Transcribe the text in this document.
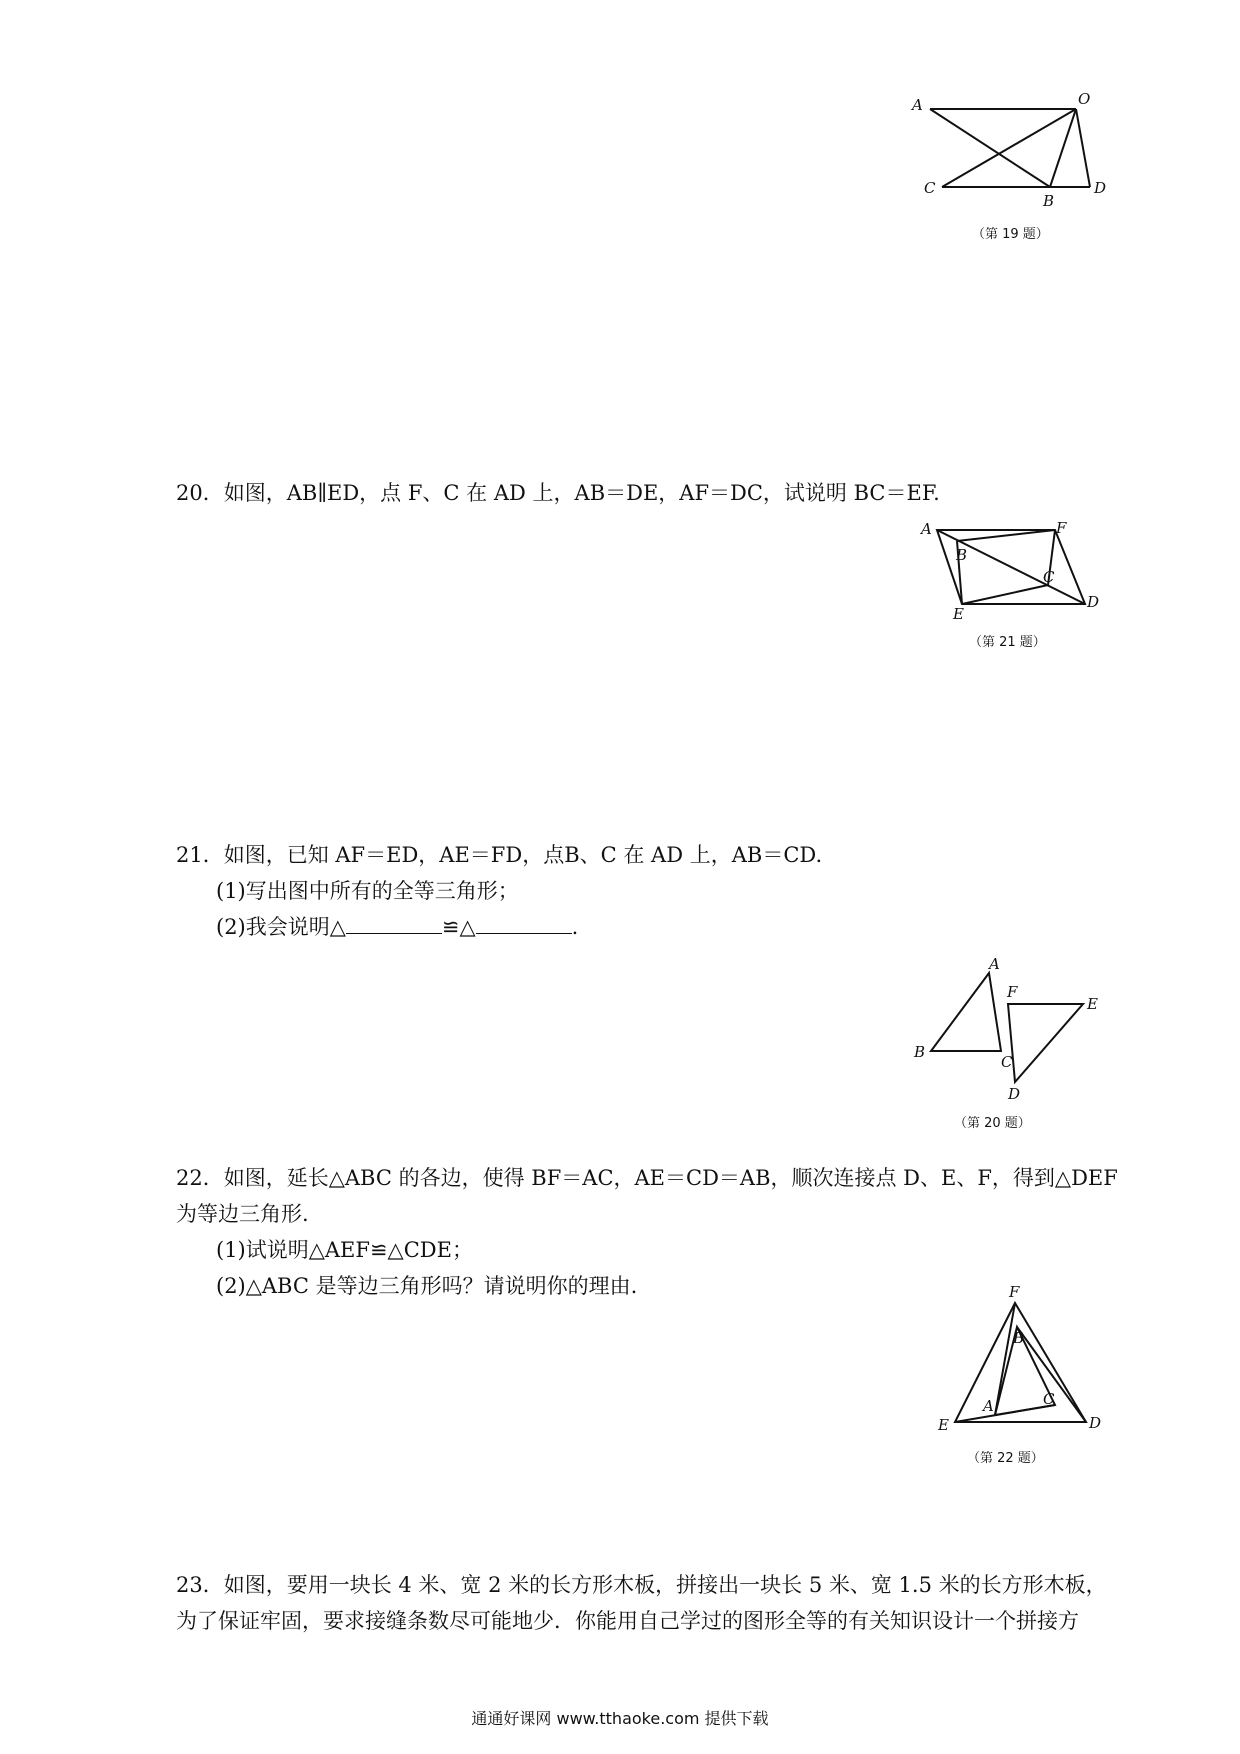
A	O
C
B
D
（第 19 题）
20．如图，AB∥ED，点 F、C 在 AD 上，AB＝DE，AF＝DC，试说明 BC＝EF.
A	F
B
C
E
D
（第 21 题）
21．如图，已知 AF＝ED，AE＝FD，点B、C 在 AD 上，AB＝CD.
(1)写出图中所有的全等三角形；
(2)我会说明△	≌△	.
A
F
E
B
C
D
（第 20 题）
22．如图，延长△ABC 的各边，使得 BF＝AC，AE＝CD＝AB，顺次连接点 D、E、F，得到△DEF
为等边三角形.
(1)试说明△AEF≌△CDE；
(2)△ABC 是等边三角形吗？请说明你的理由.	F
B
A	C
E	D
（第 22 题）
23．如图，要用一块长 4 米、宽 2 米的长方形木板，拼接出一块长 5 米、宽 1.5 米的长方形木板，
为了保证牢固，要求接缝条数尽可能地少．你能用自己学过的图形全等的有关知识设计一个拼接方
通通好课网 www.tthaoke.com 提供下载
